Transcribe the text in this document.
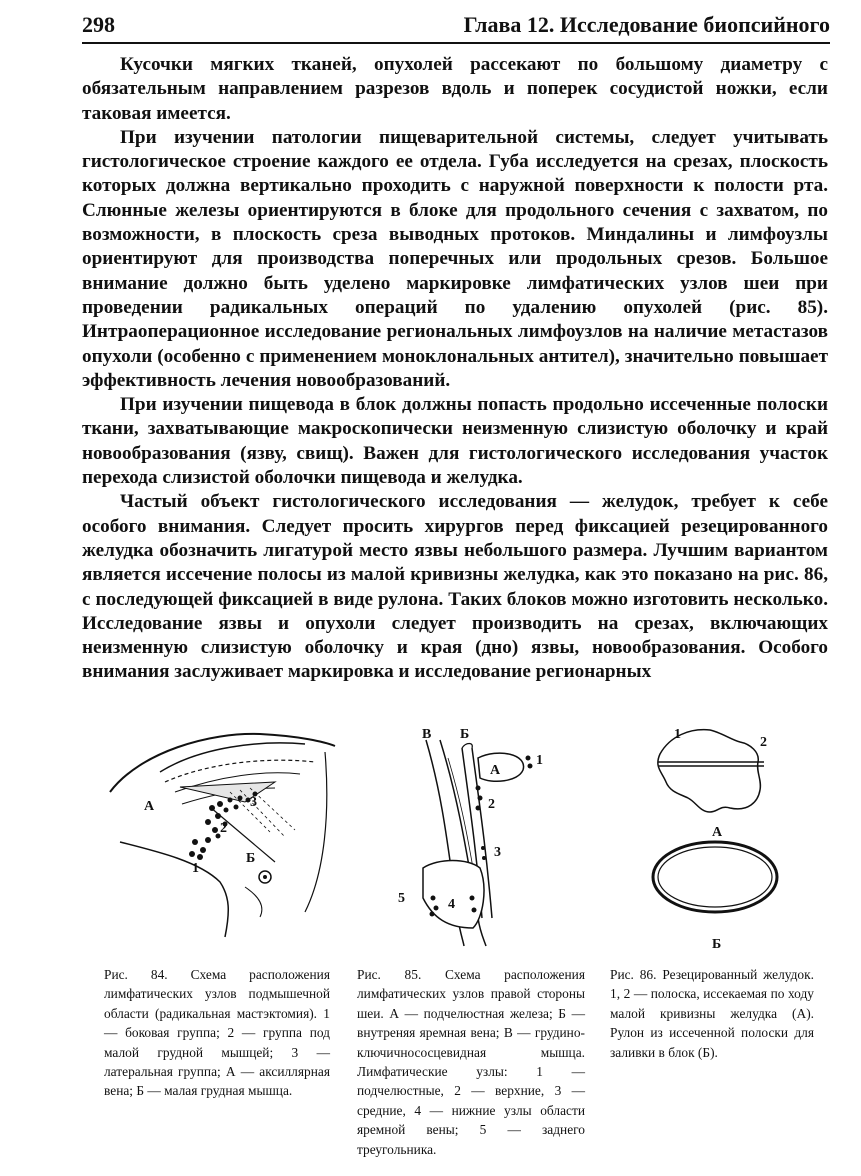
298	Глава 12. Исследование биопсийного

Кусочки мягких тканей, опухолей рассекают по большому диаметру с обязательным направлением разрезов вдоль и поперек сосудистой ножки, если таковая имеется.

При изучении патологии пищеварительной системы, следует учитывать гистологическое строение каждого ее отдела. Губа исследуется на срезах, плоскость которых должна вертикально проходить с наружной поверхности к полости рта. Слюнные железы ориентируются в блоке для продольного сечения с захватом, по возможности, в плоскость среза выводных протоков. Миндалины и лимфоузлы ориентируют для производства поперечных или продольных срезов. Большое внимание должно быть уделено маркировке лимфатических узлов шеи при проведении радикальных операций по удалению опухолей (рис. 85). Интраоперационное исследование региональных лимфоузлов на наличие метастазов опухоли (особенно с применением моноклональных антител), значительно повышает эффективность лечения новообразований.

При изучении пищевода в блок должны попасть продольно иссеченные полоски ткани, захватывающие макроскопически неизменную слизистую оболочку и край новообразования (язву, свищ). Важен для гистологического исследования участок перехода слизистой оболочки пищевода и желудка.

Частый объект гистологического исследования — желудок, требует к себе особого внимания. Следует просить хирургов перед фиксацией резецированного желудка обозначить лигатурой место язвы небольшого размера. Лучшим вариантом является иссечение полосы из малой кривизны желудка, как это показано на рис. 86, с последующей фиксацией в виде рулона. Таких блоков можно изготовить несколько. Исследование язвы и опухоли следует производить на срезах, включающих неизменную слизистую оболочку и края (дно) язвы, новообразования. Особого внимания заслуживает маркировка и исследование регионарных

А
Б
1
2
3
В Б
А
1
2
3
4
5
1
2
А
Б
Рис. 84. Схема расположения лимфатических узлов подмышечной области (радикальная мастэктомия). 1 — боковая группа; 2 — группа под малой грудной мышцей; 3 — латеральная группа; А — аксиллярная вена; Б — малая грудная мышца.
Рис. 85. Схема расположения лимфатических узлов правой стороны шеи. А — подчелюстная железа; Б — внутреняя яремная вена; В — грудино-ключичнососцевидная мышца. Лимфатические узлы: 1 — подчелюстные, 2 — верхние, 3 — средние, 4 — нижние узлы области яремной вены; 5 — заднего треугольника.
Рис. 86. Резецированный желудок. 1, 2 — полоска, иссекаемая по ходу малой кривизны желудка (А). Рулон из иссеченной полоски для заливки в блок (Б).
